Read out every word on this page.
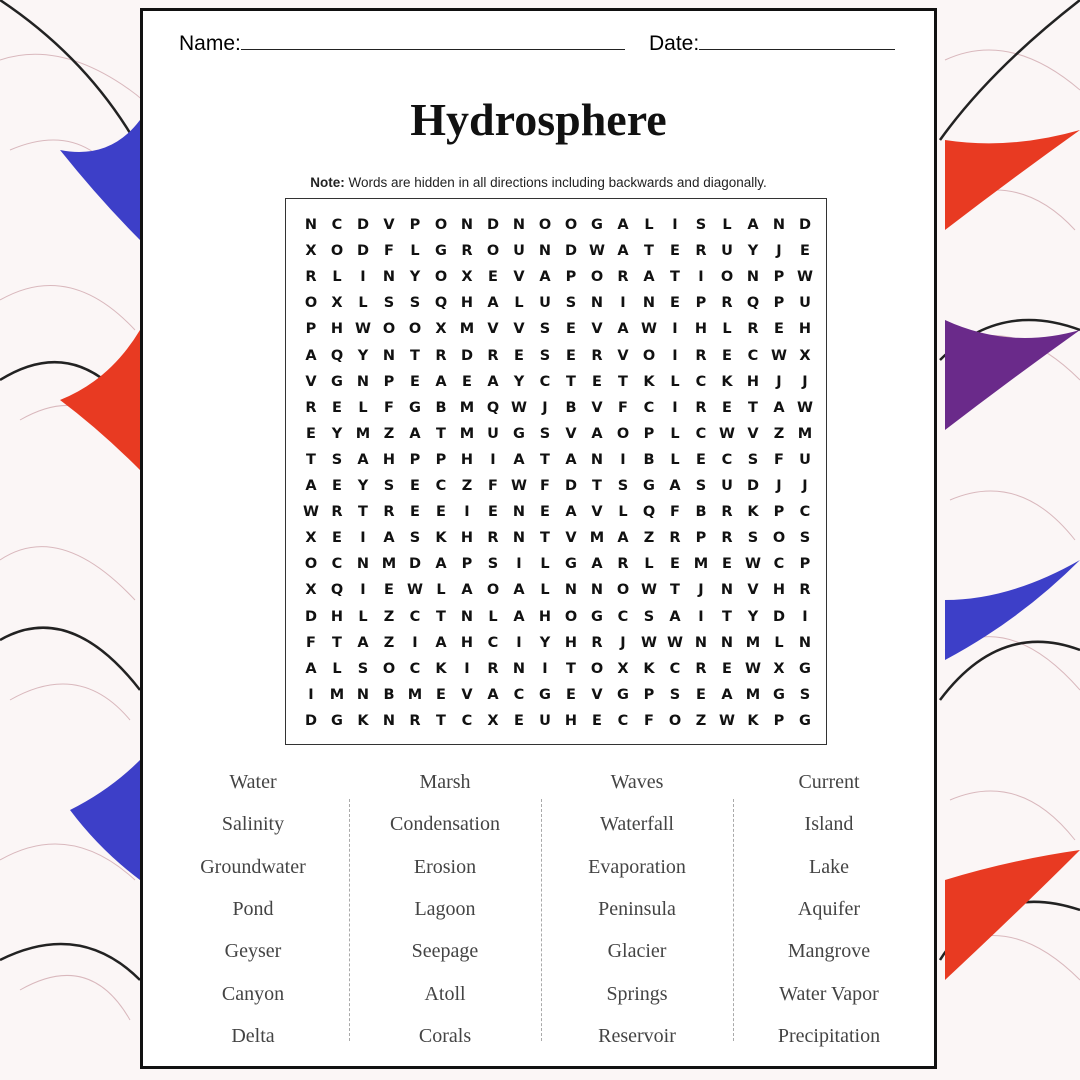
Name:	Date:
Hydrosphere
Note: Words are hidden in all directions including backwards and diagonally.
N	C	D V	P	O N D N O O G A	L	I	S	L	A N D
X O D	F	L	G R O U N D W A	T	E	R	U	Y	J	E
R	L	I	N	Y	O X	E	V	A	P	O R	A	T	I	O N	P W
O X	L	S	S	Q H A	L	U	S	N	I	N	E	P	R Q	P	U
P	H W O O X M V	V	S	E	V	A W	I	H	L	R	E	H
A Q	Y	N	T	R D R	E	S	E	R	V O	I	R	E	C W X
V G N	P	E	A	E	A	Y	C	T	E	T	K	L	C	K H	J	J
R	E	L	F	G	B M Q W	J	B	V	F	C	I	R	E	T	A W
E	Y M Z	A	T M U G	S	V	A O	P	L	C W V	Z M
T	S	A H	P	P	H	I	A	T	A N	I	B	L	E	C	S	F	U
A	E	Y	S	E	C	Z	F W F	D	T	S	G A	S	U D	J	J
W R	T	R	E	E	I	E	N	E	A	V	L	Q	F	B	R	K	P	C
X	E	I	A	S	K H R N	T	V M A	Z	R	P	R	S	O	S
O	C	N M D A	P	S	I	L	G A	R	L	E M E W C	P
X Q	I	E W L	A O A	L	N N O W T	J	N V H R
D H	L	Z	C	T	N	L	A H O G	C	S	A	I	T	Y	D	I
F	T	A	Z	I	A H	C	I	Y	H R	J	W W N N M L	N
A	L	S	O	C	K	I	R N	I	T	O X	K	C	R	E W X G
I	M N B M E	V	A	C	G	E	V G	P	S	E	A M G	S
D G K N R	T	C	X	E	U H	E	C	F	O	Z W K	P	G
Water
Salinity
Groundwater
Pond
Geyser
Canyon
Delta
Marsh
Condensation
Erosion
Lagoon
Seepage
Atoll
Corals
Waves
Waterfall
Evaporation
Peninsula
Glacier
Springs
Reservoir
Current
Island
Lake
Aquifer
Mangrove
Water Vapor
Precipitation
